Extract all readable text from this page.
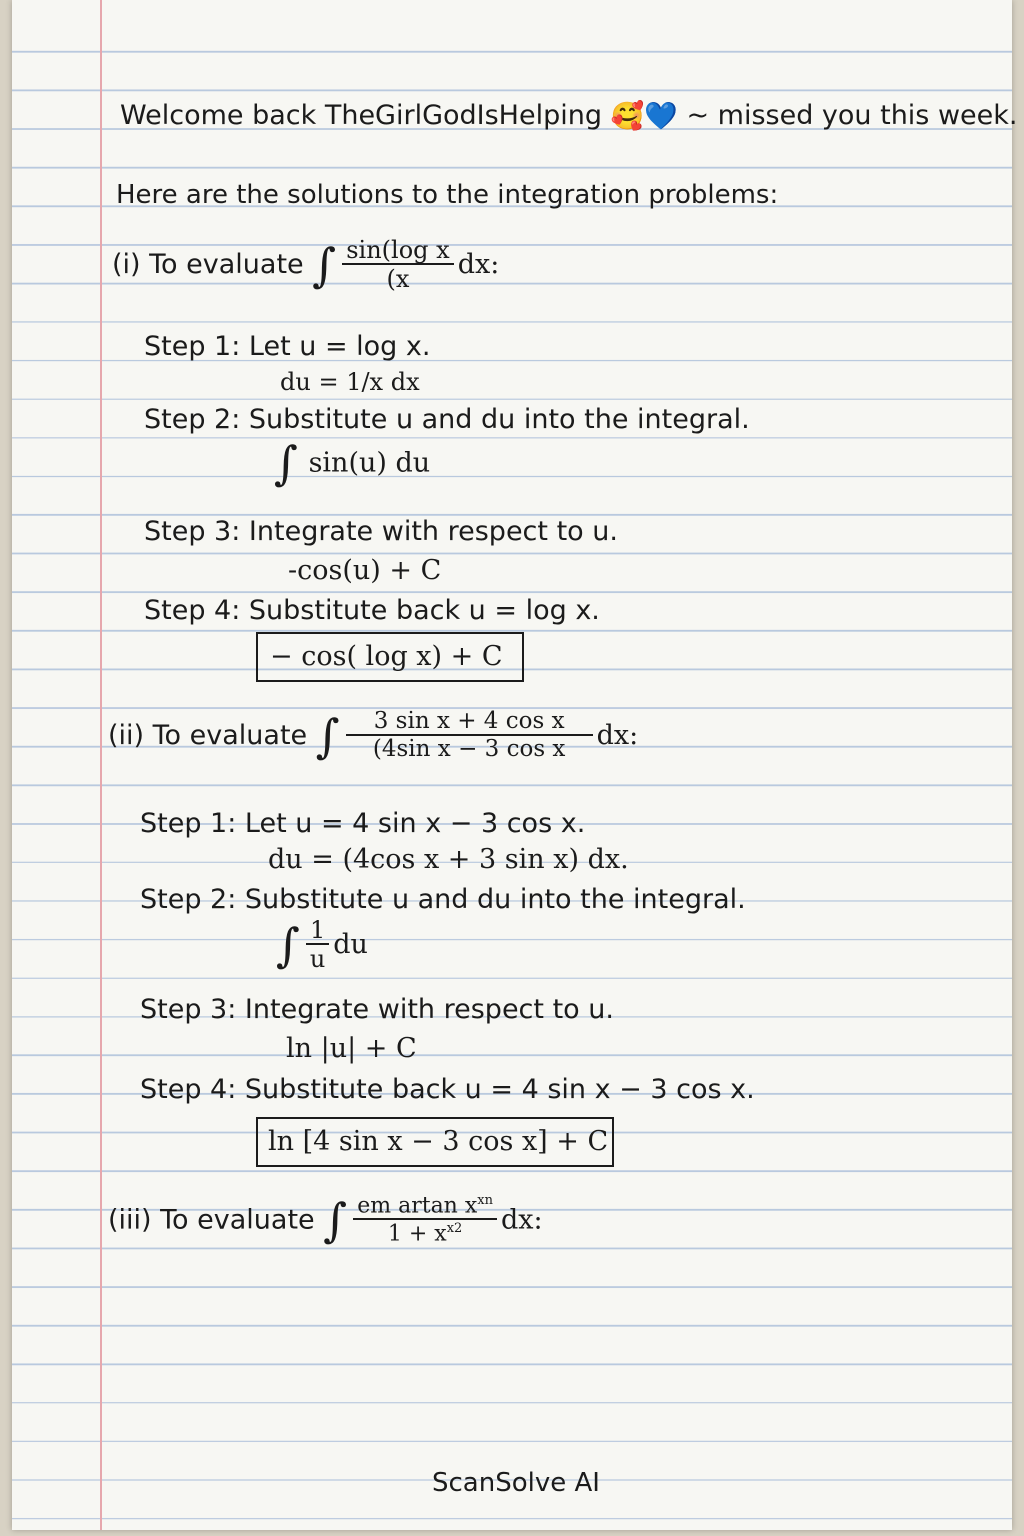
Welcome back TheGirlGodIsHelping 🥰💙 ~ missed you this week.
Here are the solutions to the integration problems:
(i) To evaluate ∫ $\frac{\text{sin(log x}}{(x}$ dx:
Step 1: Let u = log x.
du = 1/x dx
Step 2: Substitute u and du into the integral.
∫ sin(u) du
Step 3: Integrate with respect to u.
-cos(u) + C
Step 4: Substitute back u = log x.
− cos( log x) + C
(ii) To evaluate ∫ $\frac{\text{3 sin x + 4 cos x}}{\text{(4sin x − 3 cos x}}$ dx:
Step 1: Let u = 4 sin x − 3 cos x.
du = (4cos x + 3 sin x) dx.
Step 2: Substitute u and du into the integral.
∫ $\frac{1}{u}$ du
Step 3: Integrate with respect to u.
ln |u| + C
Step 4: Substitute back u = 4 sin x − 3 cos x.
ln [4 sin x − 3 cos x] + C
(iii) To evaluate ∫ $\frac{em artan x^{xn}}{1 + x^{x2}}$ dx:
ScanSolve AI
